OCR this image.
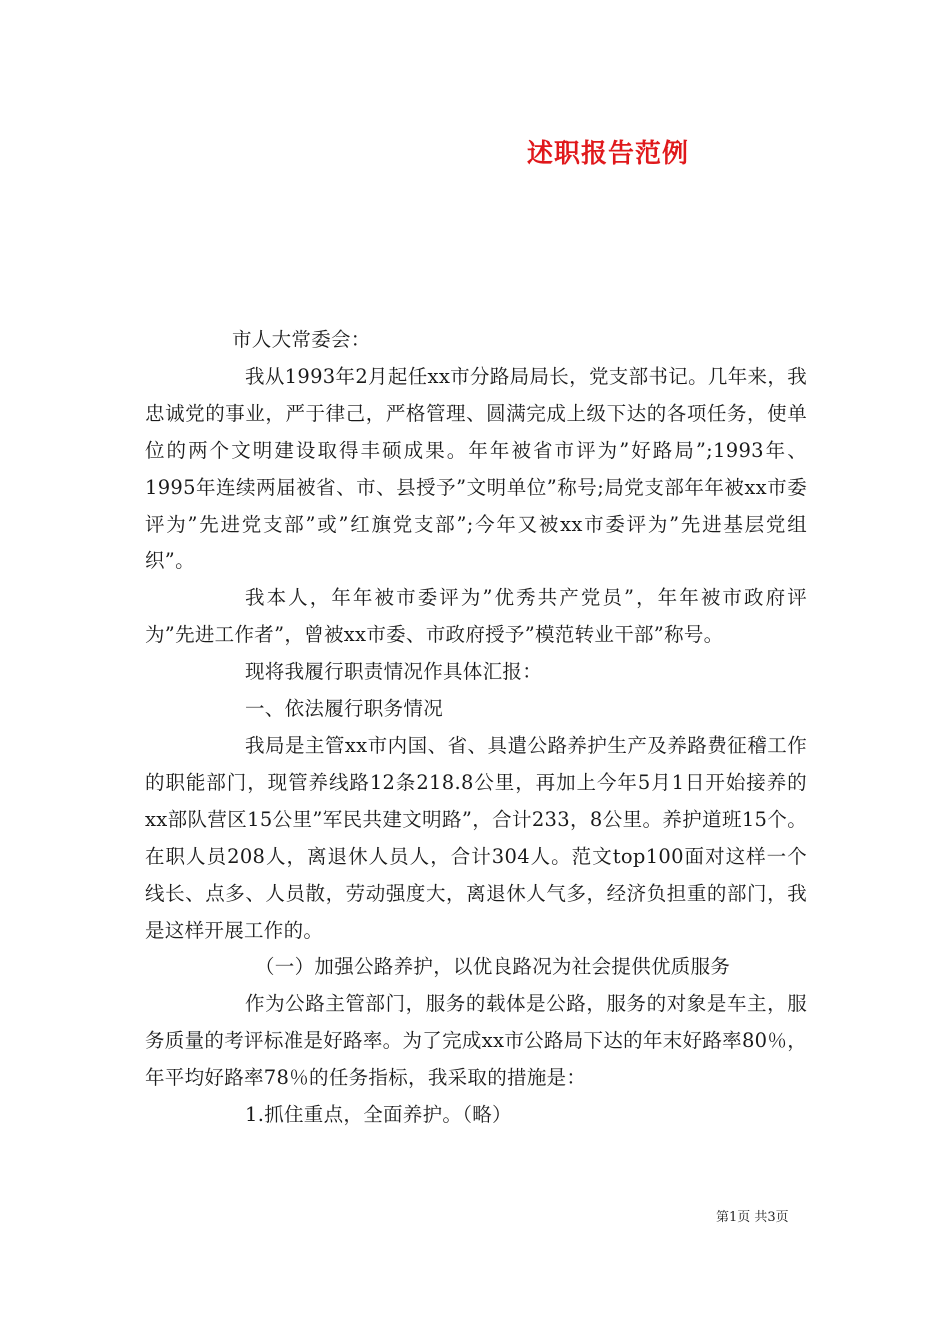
述职报告范例

市人大常委会：

我从1993年2月起任xx市分路局局长，党支部书记。几年来，我忠诚党的事业，严于律己，严格管理、圆满完成上级下达的各项任务，使单位的两个文明建设取得丰硕成果。年年被省市评为”好路局”;1993年、1995年连续两届被省、市、县授予”文明单位”称号;局党支部年年被xx市委评为”先进党支部”或”红旗党支部”;今年又被xx市委评为”先进基层党组织”。

我本人，年年被市委评为”优秀共产党员”，年年被市政府评为”先进工作者”，曾被xx市委、市政府授予”模范转业干部”称号。

现将我履行职责情况作具体汇报：

一、依法履行职务情况

我局是主管xx市内国、省、具遣公路养护生产及养路费征稽工作的职能部门，现管养线路12条218.8公里，再加上今年5月1日开始接养的xx部队营区15公里”军民共建文明路”，合计233，8公里。养护道班15个。在职人员208人，离退休人员人，合计304人。范文top100面对这样一个线长、点多、人员散，劳动强度大，离退休人气多，经济负担重的部门，我是这样开展工作的。

（一）加强公路养护，以优良路况为社会提供优质服务

作为公路主管部门，服务的载体是公路，服务的对象是车主，服务质量的考评标准是好路率。为了完成xx市公路局下达的年末好路率80％，年平均好路率78％的任务指标，我采取的措施是：

1.抓住重点，全面养护。（略）

第1页 共3页
